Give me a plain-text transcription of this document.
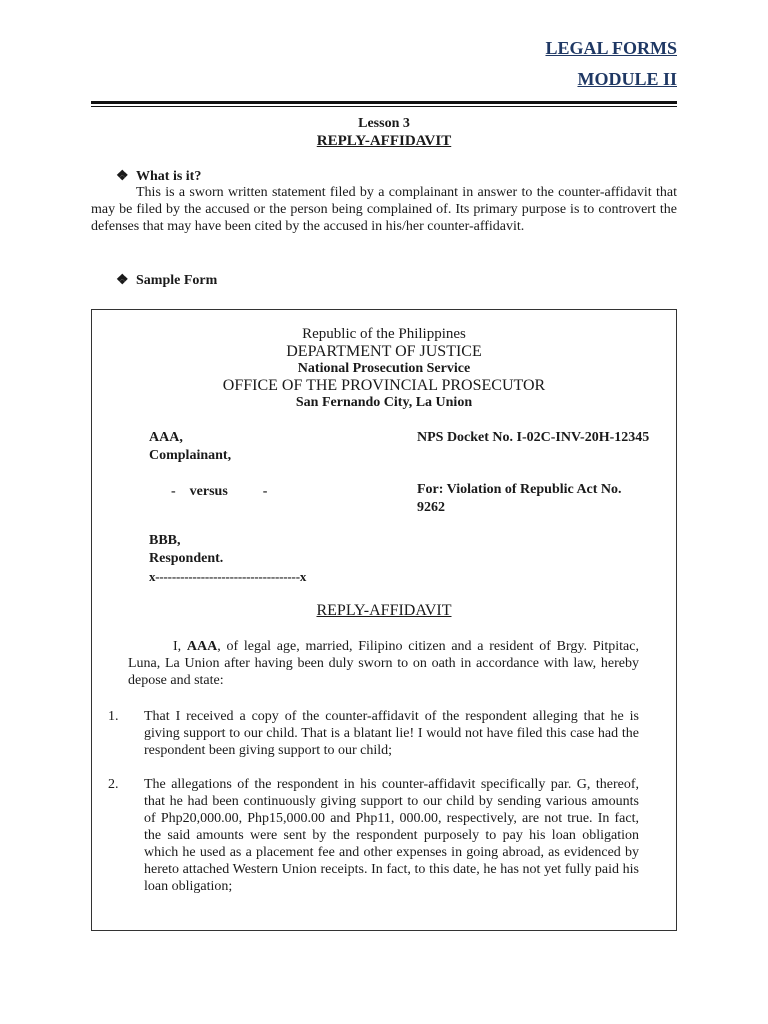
LEGAL FORMS
MODULE II
Lesson 3
REPLY-AFFIDAVIT
❖ What is it?
This is a sworn written statement filed by a complainant in answer to the counter-affidavit that may be filed by the accused or the person being complained of. Its primary purpose is to controvert the defenses that may have been cited by the accused in his/her counter-affidavit.
❖ Sample Form
Republic of the Philippines
DEPARTMENT OF JUSTICE
National Prosecution Service
OFFICE OF THE PROVINCIAL PROSECUTOR
San Fernando City, La Union
AAA,
Complainant,
NPS Docket No. I-02C-INV-20H-12345
-    versus          -	For: Violation of Republic Act No. 9262
BBB,
Respondent.
x-----------------------------------x
REPLY-AFFIDAVIT
I, AAA, of legal age, married, Filipino citizen and a resident of Brgy. Pitpitac, Luna, La Union after having been duly sworn to on oath in accordance with law, hereby depose and state:
1.	That I received a copy of the counter-affidavit of the respondent alleging that he is giving support to our child. That is a blatant lie! I would not have filed this case had the respondent been giving support to our child;
2.	The allegations of the respondent in his counter-affidavit specifically par. G, thereof, that he had been continuously giving support to our child by sending various amounts of Php20,000.00, Php15,000.00 and Php11, 000.00, respectively, are not true. In fact, the said amounts were sent by the respondent purposely to pay his loan obligation which he used as a placement fee and other expenses in going abroad, as evidenced by hereto attached Western Union receipts. In fact, to this date, he has not yet fully paid his loan obligation;
